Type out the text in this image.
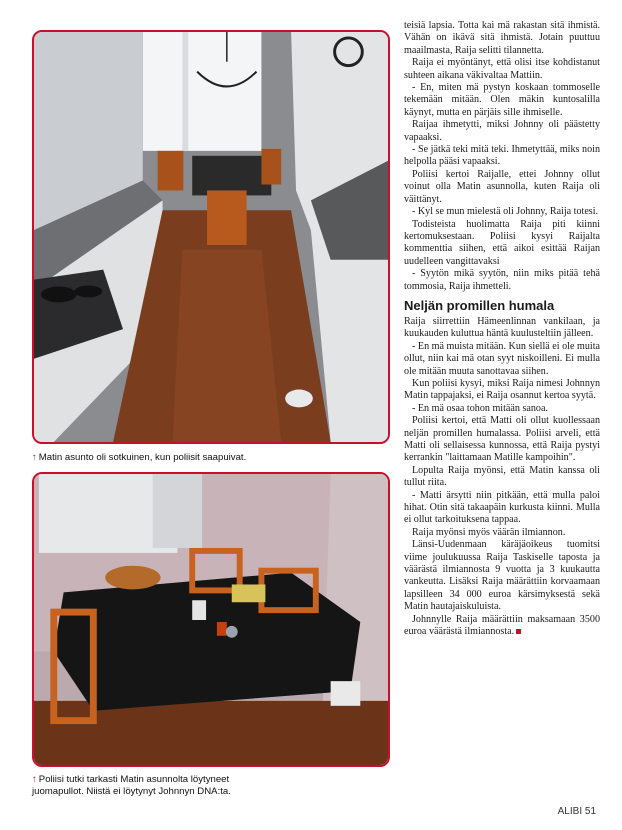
↑ Matin asunto oli sotkuinen, kun poliisit saapuivat.
↑ Poliisi tutki tarkasti Matin asunnolta löytyneet
juomapullot. Niistä ei löytynyt Johnnyn DNA:ta.

teisiä lapsia. Totta kai mä rakastan sitä ihmistä. Vähän on ikävä sitä ihmistä. Jotain puuttuu maailmasta, Raija selitti tilannetta.

Raija ei myöntänyt, että olisi itse kohdistanut suhteen aikana väkivaltaa Mattiin.

- En, miten mä pystyn koskaan tommoselle tekemään mitään. Olen mäkin kuntosalilla käynyt, mutta en pärjäis sille ihmiselle.

Raijaa ihmetytti, miksi Johnny oli päästetty vapaaksi.

- Se jätkä teki mitä teki. Ihmetyttää, miks noin helpolla pääsi vapaaksi.

Poliisi kertoi Raijalle, ettei Johnny ollut voinut olla Matin asunnolla, kuten Raija oli väittänyt.

- Kyl se mun mielestä oli Johnny, Raija totesi.

Todisteista huolimatta Raija piti kiinni kertomuksestaan. Poliisi kysyi Raijalta kommenttia siihen, että aikoi esittää Raijan uudelleen vangittavaksi

- Syytön mikä syytön, niin miks pitää tehä tommosia, Raija ihmetteli.

Neljän promillen humala

Raija siirrettiin Hämeenlinnan vankilaan, ja kuukauden kuluttua häntä kuulusteltiin jälleen.

- En mä muista mitään. Kun siellä ei ole muita ollut, niin kai mä otan syyt niskoilleni. Ei mulla ole mitään muuta sanottavaa siihen.

Kun poliisi kysyi, miksi Raija nimesi Johnnyn Matin tappajaksi, ei Raija osannut kertoa syytä.

- En mä osaa tohon mitään sanoa.

Poliisi kertoi, että Matti oli ollut kuollessaan neljän promillen humalassa. Poliisi arveli, että Matti oli sellaisessa kunnossa, että Raija pystyi kerrankin "laittamaan Matille kampoihin".

Lopulta Raija myönsi, että Matin kanssa oli tullut riita.

- Matti ärsytti niin pitkään, että mulla paloi hihat. Otin sitä takaapäin kurkusta kiinni. Mulla ei ollut tarkoituksena tappaa.

Raija myönsi myös väärän ilmiannon.

Länsi-Uudenmaan käräjäoikeus tuomitsi viime joulukuussa Raija Taskiselle taposta ja väärästä ilmiannosta 9 vuotta ja 3 kuukautta vankeutta. Lisäksi Raija määrättiin korvaamaan lapsilleen 34 000 euroa kärsimyksestä sekä Matin hautajaiskuluista.

Johnnylle Raija määrättiin maksamaan 3500 euroa väärästä ilmiannosta.

ALIBI 51
